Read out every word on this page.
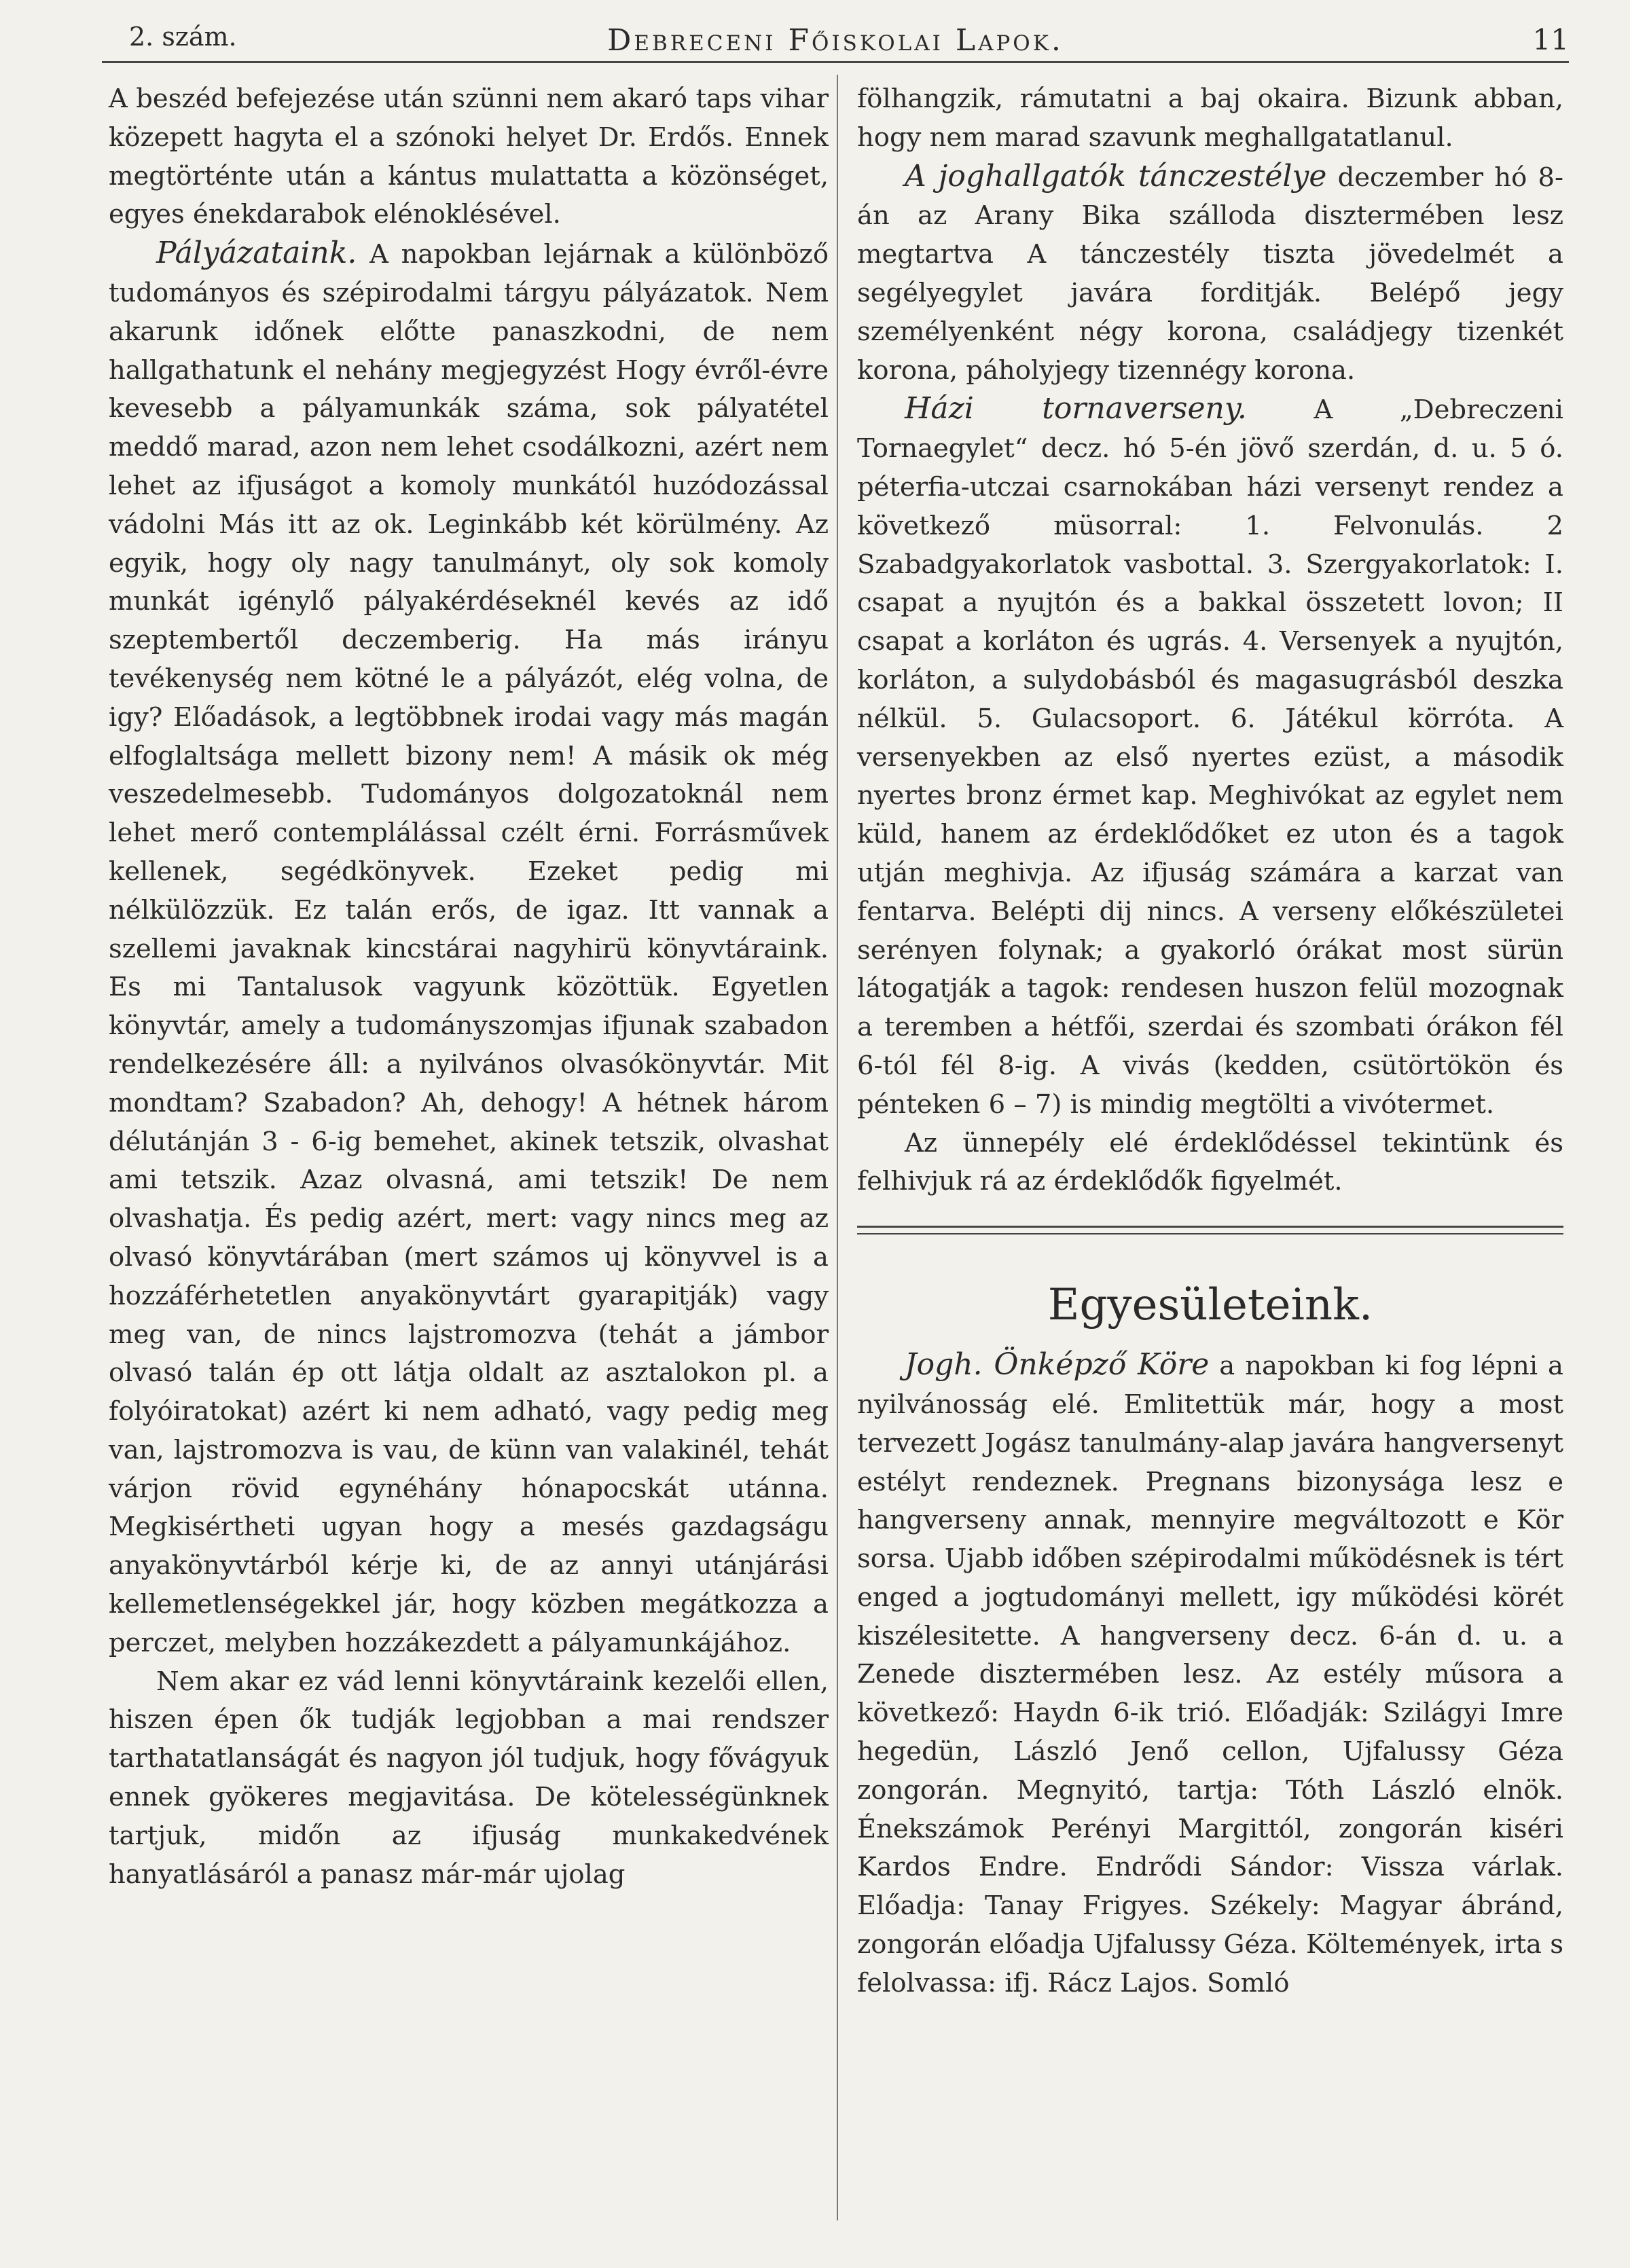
2. szám.	Debreceni Főiskolai Lapok.	11

A beszéd befejezése után szünni nem akaró taps vihar közepett hagyta el a szónoki helyet Dr. Erdős. Ennek megtörténte után a kántus mulattatta a közönséget, egyes énekdarabok elénoklésével.

Pályázataink. A napokban lejárnak a különböző tudományos és szépirodalmi tárgyu pályázatok. Nem akarunk időnek előtte panaszkodni, de nem hallgathatunk el nehány megjegyzést Hogy évről-évre kevesebb a pályamunkák száma, sok pályatétel meddő marad, azon nem lehet csodálkozni, azért nem lehet az ifjuságot a komoly munkától huzódozással vádolni Más itt az ok. Leginkább két körülmény. Az egyik, hogy oly nagy tanulmányt, oly sok komoly munkát igénylő pályakérdéseknél kevés az idő szeptembertől deczemberig. Ha más irányu tevékenység nem kötné le a pályázót, elég volna, de igy? Előadások, a legtöbbnek irodai vagy más magán elfoglaltsága mellett bizony nem! A másik ok még veszedelmesebb. Tudományos dolgozatoknál nem lehet merő contemplálással czélt érni. Forrásművek kellenek, segédkönyvek. Ezeket pedig mi nélkülözzük. Ez talán erős, de igaz. Itt vannak a szellemi javaknak kincstárai nagyhirü könyvtáraink. Es mi Tantalusok vagyunk közöttük. Egyetlen könyvtár, amely a tudományszomjas ifjunak szabadon rendelkezésére áll: a nyilvános olvasókönyvtár. Mit mondtam? Szabadon? Ah, dehogy! A hétnek három délutánján 3 - 6-ig bemehet, akinek tetszik, olvashat ami tetszik. Azaz olvasná, ami tetszik! De nem olvashatja. És pedig azért, mert: vagy nincs meg az olvasó könyvtárában (mert számos uj könyvvel is a hozzáférhetetlen anyakönyvtárt gyarapitják) vagy meg van, de nincs lajstromozva (tehát a jámbor olvasó talán ép ott látja oldalt az asztalokon pl. a folyóiratokat) azért ki nem adható, vagy pedig meg van, lajstromozva is vau, de künn van valakinél, tehát várjon rövid egynéhány hónapocskát utánna. Megkisértheti ugyan hogy a mesés gazdagságu anyakönyvtárból kérje ki, de az annyi utánjárási kellemetlenségekkel jár, hogy közben megátkozza a perczet, melyben hozzákezdett a pályamunkájához.

Nem akar ez vád lenni könyvtáraink kezelői ellen, hiszen épen ők tudják legjobban a mai rendszer tarthatatlanságát és nagyon jól tudjuk, hogy fővágyuk ennek gyökeres megjavitása. De kötelességünknek tartjuk, midőn az ifjuság munkakedvének hanyatlásáról a panasz már-már ujolag

fölhangzik, rámutatni a baj okaira. Bizunk abban, hogy nem marad szavunk meghallgatatlanul.

A joghallgatók tánczestélye deczember hó 8-án az Arany Bika szálloda disztermében lesz megtartva A tánczestély tiszta jövedelmét a segélyegylet javára forditják. Belépő jegy személyenként négy korona, családjegy tizenkét korona, páholyjegy tizennégy korona.

Házi tornaverseny. A „Debreczeni Tornaegylet“ decz. hó 5-én jövő szerdán, d. u. 5 ó. péterfia-utczai csarnokában házi versenyt rendez a következő müsorral: 1. Felvonulás. 2 Szabadgyakorlatok vasbottal. 3. Szergyakorlatok: I. csapat a nyujtón és a bakkal összetett lovon; II csapat a korláton és ugrás. 4. Versenyek a nyujtón, korláton, a sulydobásból és magasugrásból deszka nélkül. 5. Gulacsoport. 6. Játékul körróta. A versenyekben az első nyertes ezüst, a második nyertes bronz érmet kap. Meghivókat az egylet nem küld, hanem az érdeklődőket ez uton és a tagok utján meghivja. Az ifjuság számára a karzat van fentarva. Belépti dij nincs. A verseny előkészületei serényen folynak; a gyakorló órákat most sürün látogatják a tagok: rendesen huszon felül mozognak a teremben a hétfői, szerdai és szombati órákon fél 6-tól fél 8-ig. A vivás (kedden, csütörtökön és pénteken 6 – 7) is mindig megtölti a vivótermet.

Az ünnepély elé érdeklődéssel tekintünk és felhivjuk rá az érdeklődők figyelmét.

Egyesületeink.

Jogh. Önképző Köre a napokban ki fog lépni a nyilvánosság elé. Emlitettük már, hogy a most tervezett Jogász tanulmány-alap javára hangversenyt estélyt rendeznek. Pregnans bizonysága lesz e hangverseny annak, mennyire megváltozott e Kör sorsa. Ujabb időben szépirodalmi működésnek is tért enged a jogtudományi mellett, igy működési körét kiszélesitette. A hangverseny decz. 6-án d. u. a Zenede disztermében lesz. Az estély műsora a következő: Haydn 6-ik trió. Előadják: Szilágyi Imre hegedün, László Jenő cellon, Ujfalussy Géza zongorán. Megnyitó, tartja: Tóth László elnök. Énekszámok Perényi Margittól, zongorán kiséri Kardos Endre. Endrődi Sándor: Vissza várlak. Előadja: Tanay Frigyes. Székely: Magyar ábránd, zongorán előadja Ujfalussy Géza. Költemények, irta s felolvassa: ifj. Rácz Lajos. Somló
